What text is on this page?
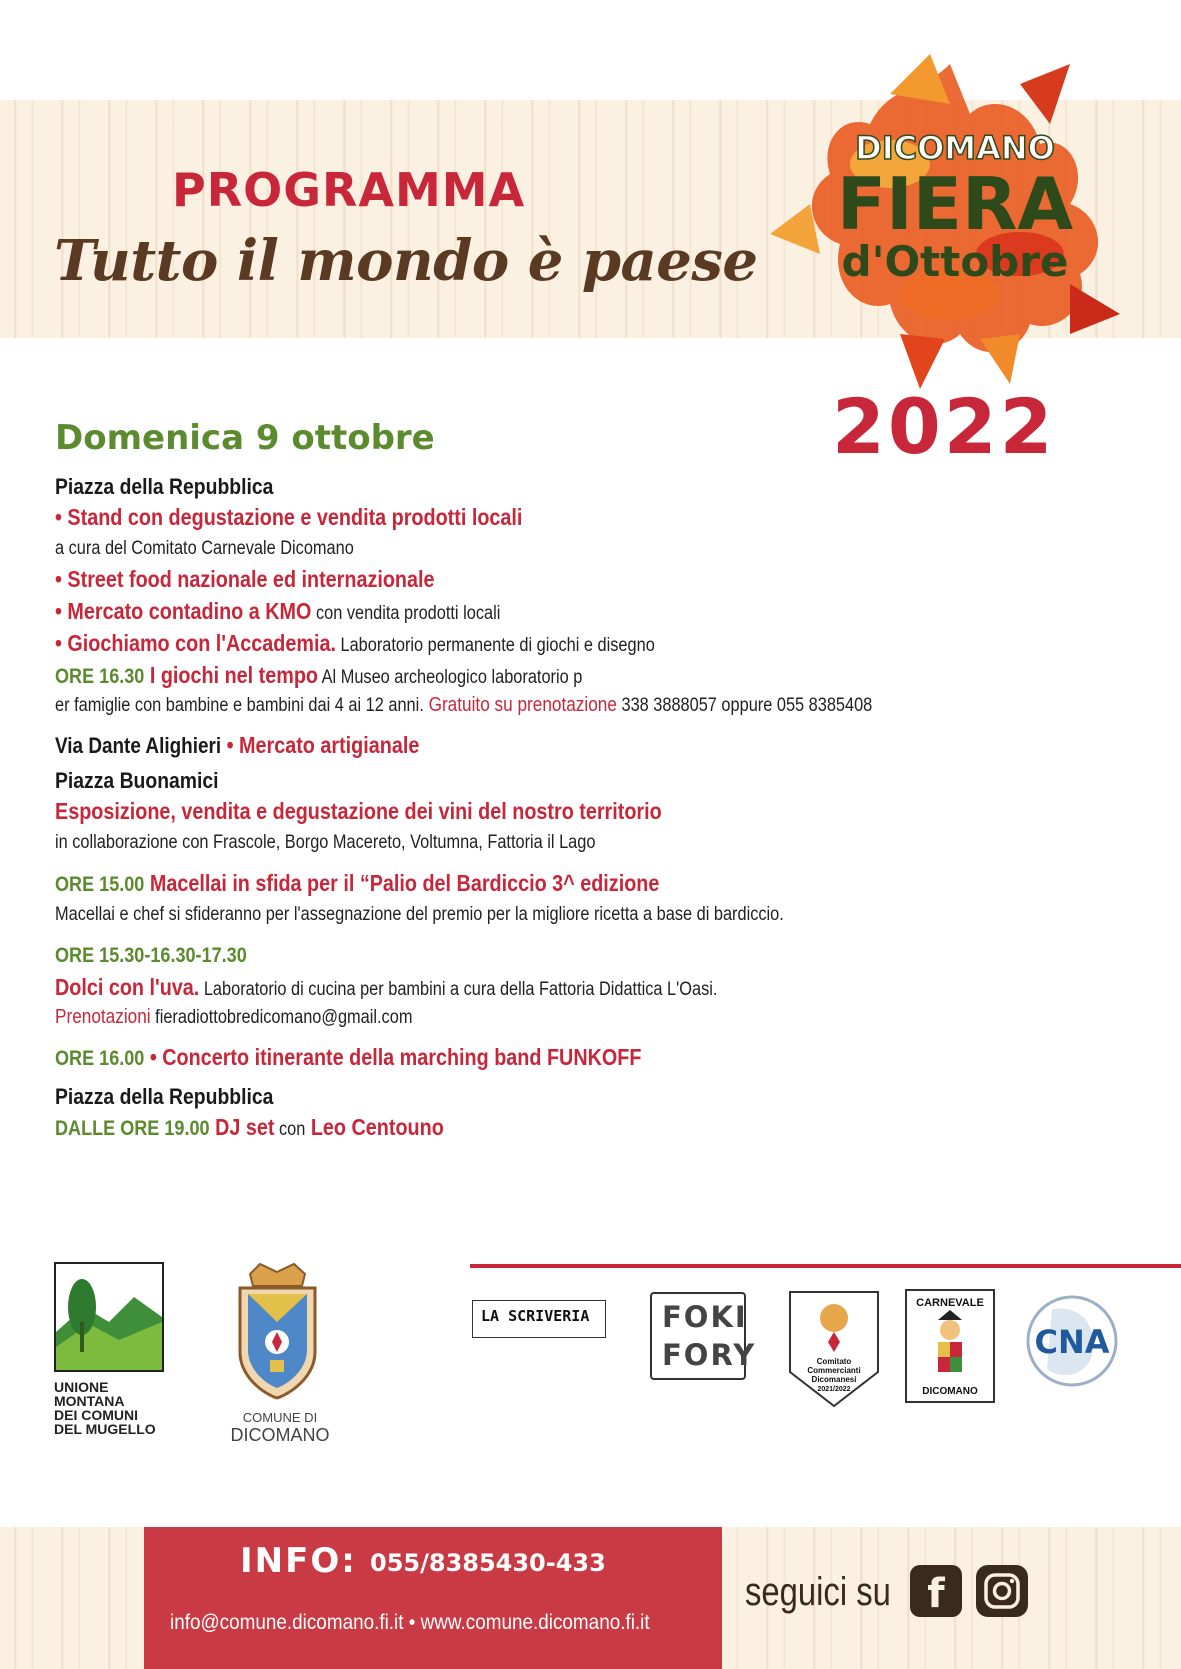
PROGRAMMA
Tutto il mondo è paese
DICOMANO
FIERA
d'Ottobre
2022
Domenica 9 ottobre
Piazza della Repubblica
• Stand con degustazione e vendita prodotti locali
a cura del Comitato Carnevale Dicomano
• Street food nazionale ed internazionale
• Mercato contadino a KMO con vendita prodotti locali
• Giochiamo con l'Accademia. Laboratorio permanente di giochi e disegno
ORE 16.30 I giochi nel tempo Al Museo archeologico laboratorio p
er famiglie con bambine e bambini dai 4 ai 12 anni. Gratuito su prenotazione 338 3888057 oppure 055 8385408
Via Dante Alighieri • Mercato artigianale
Piazza Buonamici
Esposizione, vendita e degustazione dei vini del nostro territorio
in collaborazione con Frascole, Borgo Macereto, Voltumna, Fattoria il Lago
ORE 15.00 Macellai in sfida per il “Palio del Bardiccio 3^ edizione
Macellai e chef si sfideranno per l'assegnazione del premio per la migliore ricetta a base di bardiccio.
ORE 15.30-16.30-17.30
Dolci con l'uva. Laboratorio di cucina per bambini a cura della Fattoria Didattica L'Oasi.
Prenotazioni fieradiottobredicomano@gmail.com
ORE 16.00 • Concerto itinerante della marching band FUNKOFF
Piazza della Repubblica
DALLE ORE 19.00 DJ set con Leo Centouno
UNIONE
MONTANA
DEI COMUNI
DEL MUGELLO
COMUNE DI
DICOMANO
LA SCRIVERIA	FOKI
FORY	Comitato
Commercianti
Dicomanesi
2021/2022
CARNEVALE
DICOMANO
CNA
INFO: 055/8385430-433
info@comune.dicomano.fi.it • www.comune.dicomano.fi.it
seguici su f
